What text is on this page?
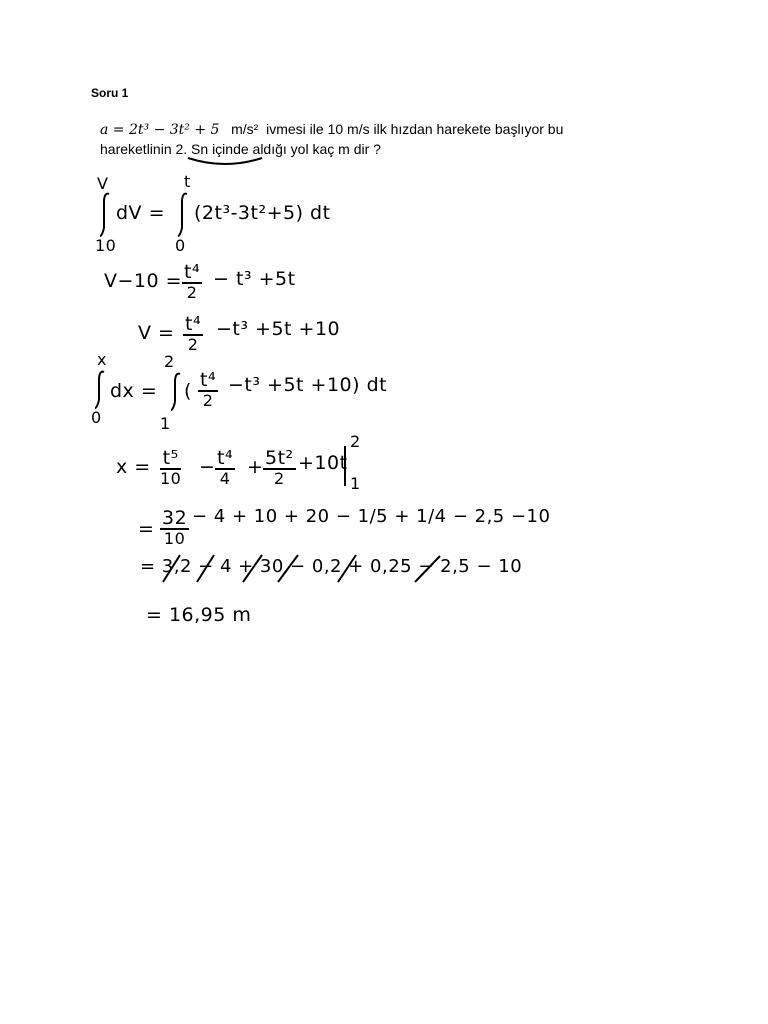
Soru 1
a = 2t³ − 3t² + 5 m/s² ivmesi ile 10 m/s ilk hızdan harekete başlıyor bu
hareketlinin 2. Sn içinde aldığı yol kaç m dir ?
V	t
dV = (2t³-3t²+5) dt
10	0
$V-10 = \frac{\text{t⁴}}{2} - t^3 +5t$
$V = \frac{\text{t⁴}}{2} -t^3 +5t +10$
x	2
dx = ( $\frac{\text{t⁴}}{2} -t^3 +5t +10$) dt
0	1
$x = \frac{\text{t⁵}}{10} - \frac{\text{t⁴}}{4} + \frac{\text{5t²}}{2} +10t$
2
1
= $\frac{32}{10} - 4 + 10 + 20 - 1/5 + 1/4 - 2,5 -10$
= 3,2 − 4 + 30 − 0,2 + 0,25 − 2,5 − 10
= 16,95 m
